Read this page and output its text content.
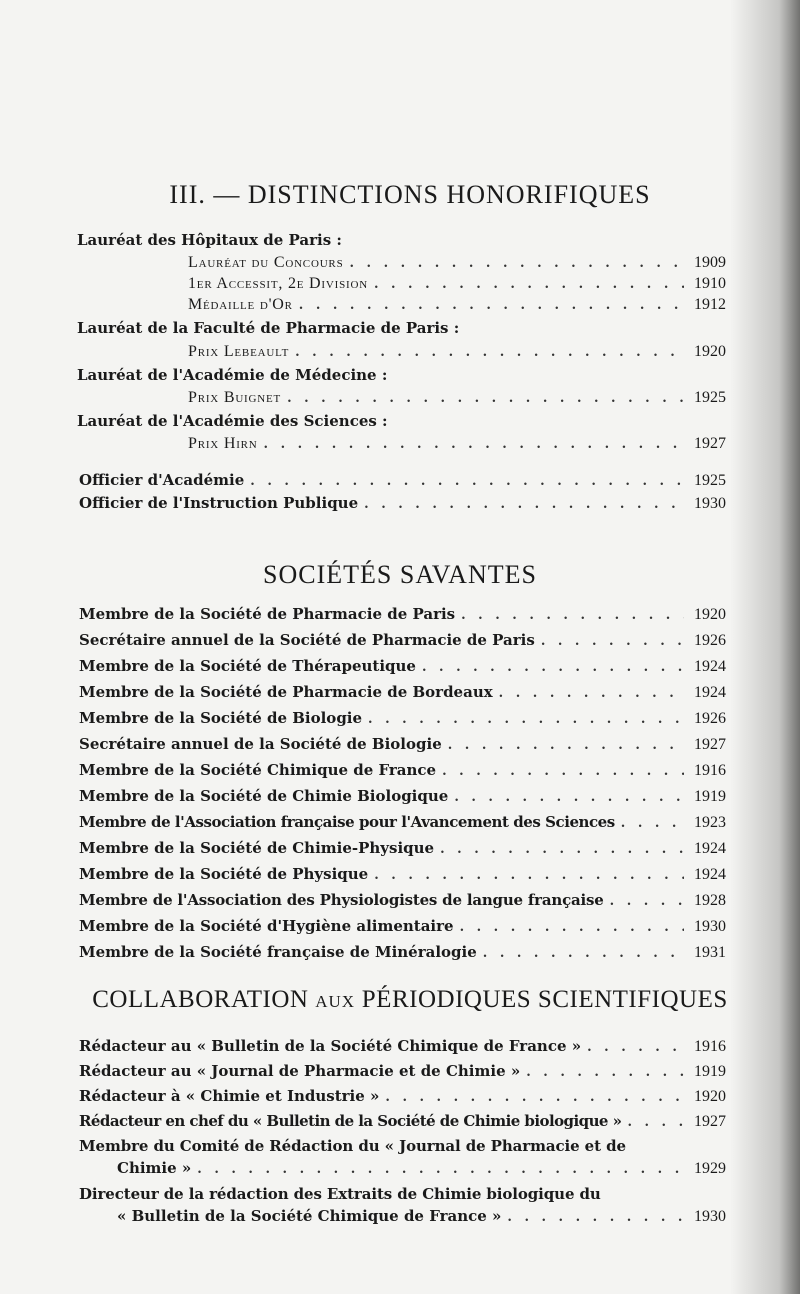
III. — DISTINCTIONS HONORIFIQUES
Lauréat des Hôpitaux de Paris :
Lauréat du Concours . . .	1909
1er Accessit, 2e Division . . .	1910
Médaille d'Or . . .	1912
Lauréat de la Faculté de Pharmacie de Paris :
Prix Lebeault . . .	1920
Lauréat de l'Académie de Médecine :
Prix Buignet . . .	1925
Lauréat de l'Académie des Sciences :
Prix Hirn . . .	1927
Officier d'Académie . . .	1925
Officier de l'Instruction Publique . . .	1930
SOCIÉTÉS SAVANTES
Membre de la Société de Pharmacie de Paris . . .	1920
Secrétaire annuel de la Société de Pharmacie de Paris . . .	1926
Membre de la Société de Thérapeutique . . .	1924
Membre de la Société de Pharmacie de Bordeaux . . .	1924
Membre de la Société de Biologie . . .	1926
Secrétaire annuel de la Société de Biologie . . .	1927
Membre de la Société Chimique de France . . .	1916
Membre de la Société de Chimie Biologique . . .	1919
Membre de l'Association française pour l'Avancement des Sciences . . .	1923
Membre de la Société de Chimie-Physique . . .	1924
Membre de la Société de Physique . . .	1924
Membre de l'Association des Physiologistes de langue française . . .	1928
Membre de la Société d'Hygiène alimentaire . . .	1930
Membre de la Société française de Minéralogie . . .	1931
COLLABORATION AUX PÉRIODIQUES SCIENTIFIQUES
Rédacteur au « Bulletin de la Société Chimique de France » . . .	1916
Rédacteur au « Journal de Pharmacie et de Chimie » . . .	1919
Rédacteur à « Chimie et Industrie » . . .	1920
Rédacteur en chef du « Bulletin de la Société de Chimie biologique » . . .	1927
Membre du Comité de Rédaction du « Journal de Pharmacie et de
Chimie » . . .	1929
Directeur de la rédaction des Extraits de Chimie biologique du
« Bulletin de la Société Chimique de France » . . .	1930
